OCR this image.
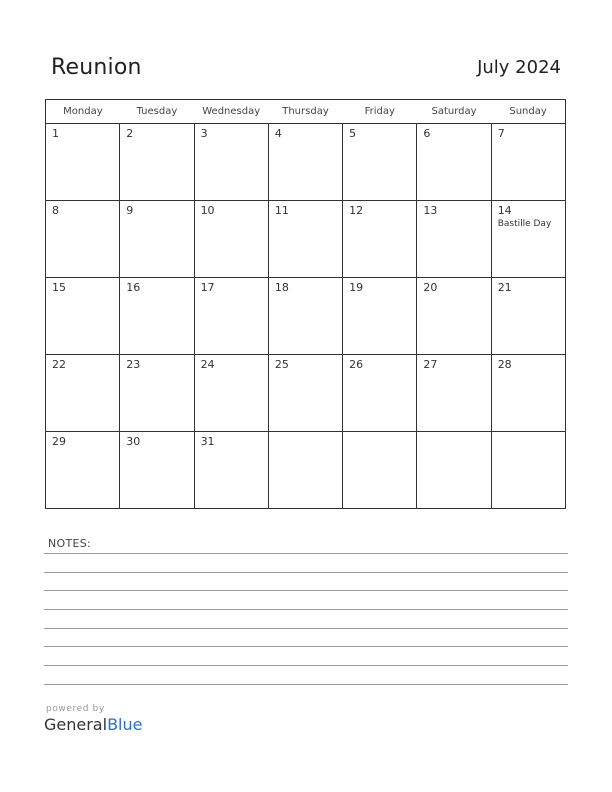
Reunion	July 2024
Monday	Tuesday	Wednesday	Thursday	Friday	Saturday	Sunday

1	2	3	4	5	6	7

8	9	10	11	12	13	14
Bastille Day

15	16	17	18	19	20	21

22	23	24	25	26	27	28

29	30	31				

NOTES:
powered by
GeneralBlue
